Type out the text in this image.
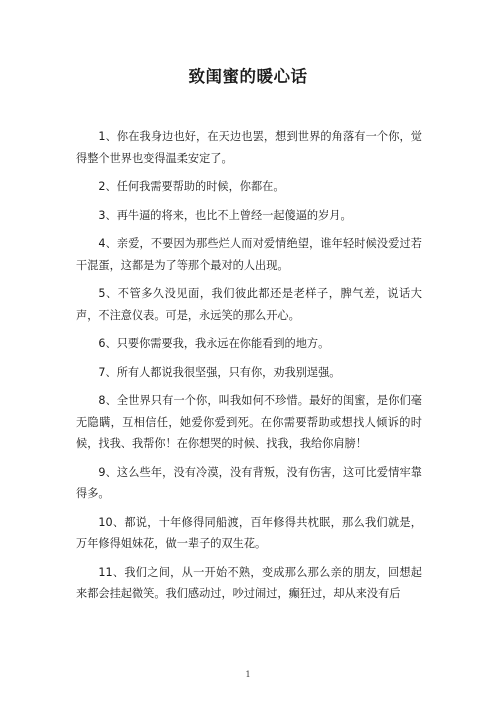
致闺蜜的暖心话

1、你在我身边也好，在天边也罢，想到世界的角落有一个你，觉得整个世界也变得温柔安定了。

2、任何我需要帮助的时候，你都在。

3、再牛逼的将来，也比不上曾经一起傻逼的岁月。

4、亲爱，不要因为那些烂人而对爱情绝望，谁年轻时候没爱过若干混蛋，这都是为了等那个最对的人出现。

5、不管多久没见面，我们彼此都还是老样子，脾气差，说话大声，不注意仪表。可是，永远笑的那么开心。

6、只要你需要我，我永远在你能看到的地方。

7、所有人都说我很坚强，只有你，劝我别逞强。

8、全世界只有一个你，叫我如何不珍惜。最好的闺蜜，是你们毫无隐瞒，互相信任，她爱你爱到死。在你需要帮助或想找人倾诉的时候，找我、我帮你！在你想哭的时候、找我，我给你肩膀！

9、这么些年，没有冷漠，没有背叛，没有伤害，这可比爱情牢靠得多。

10、都说，十年修得同船渡，百年修得共枕眠，那么我们就是，万年修得姐妹花，做一辈子的双生花。

11、我们之间，从一开始不熟，变成那么那么亲的朋友，回想起来都会挂起微笑。我们感动过，吵过闹过，癫狂过，却从来没有后

1
